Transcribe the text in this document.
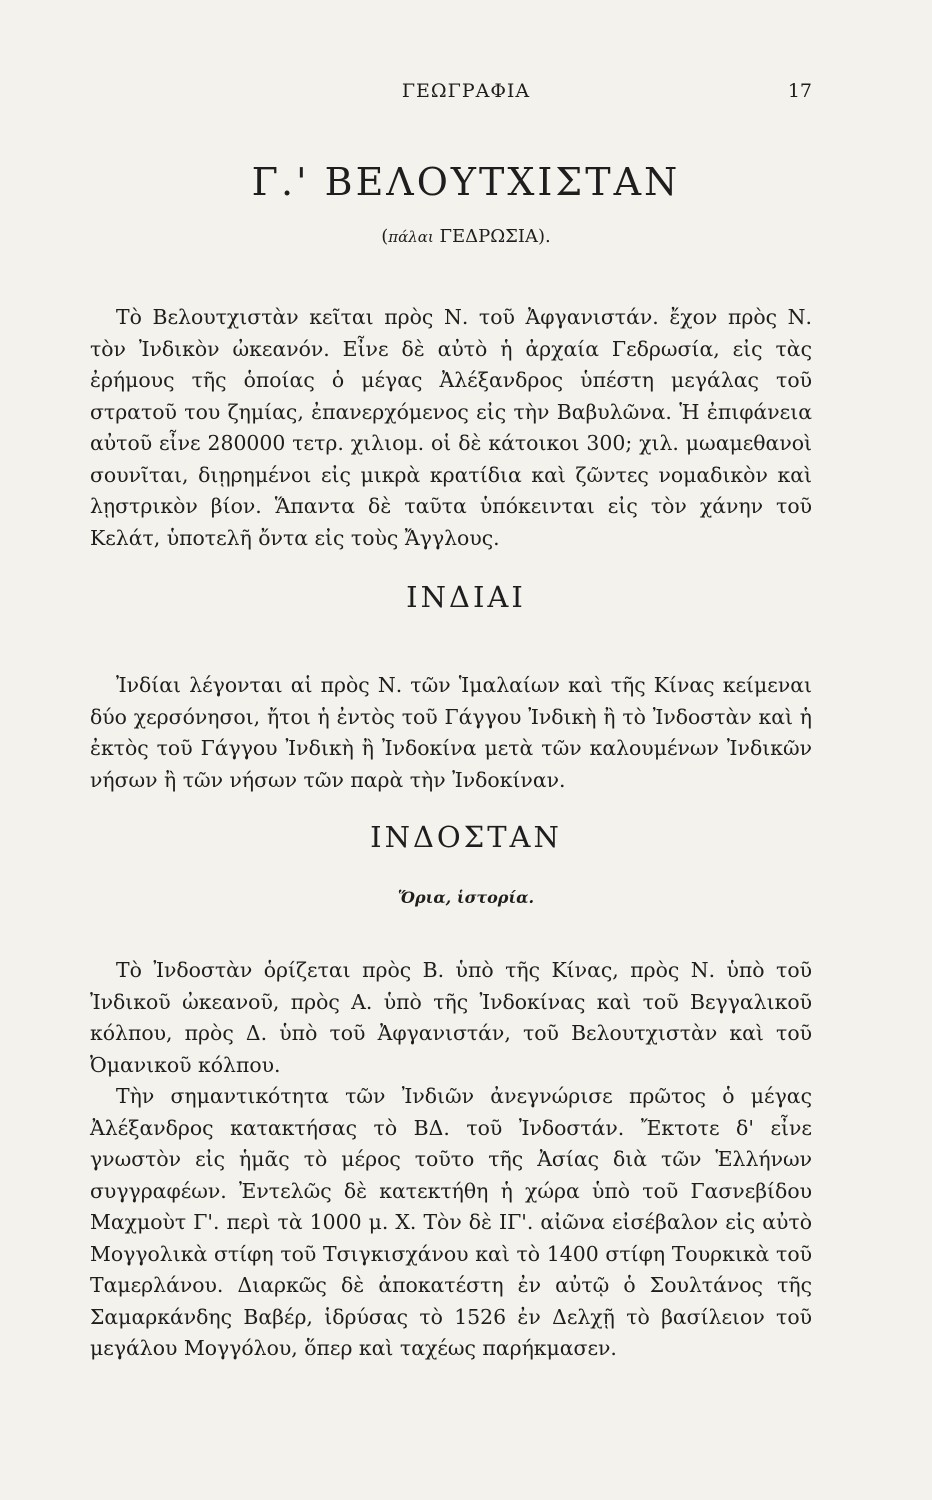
ΓΕΩΓΡΑΦΙΑ	17
Γ.' ΒΕΛΟΥΤΧΙΣΤΑΝ
(πάλαι ΓΕΔΡΩΣΙΑ).

Τὸ Βελουτχιστὰν κεῖται πρὸς Ν. τοῦ Ἀφγανιστάν. ἔχον πρὸς Ν. τὸν Ἰνδικὸν ὠκεανόν. Εἶνε δὲ αὐτὸ ἡ ἀρχαία Γεδρωσία, εἰς τὰς ἐρήμους τῆς ὁποίας ὁ μέγας Ἀλέξανδρος ὑπέστη μεγάλας τοῦ στρατοῦ του ζημίας, ἐπανερχόμενος εἰς τὴν Βαβυλῶνα. Ἡ ἐπιφάνεια αὐτοῦ εἶνε 280000 τετρ. χιλιομ. οἱ δὲ κάτοικοι 300; χιλ. μωαμεθανοὶ σουνῖται, διῃρημένοι εἰς μικρὰ κρατίδια καὶ ζῶντες νομαδικὸν καὶ λῃστρικὸν βίον. Ἅπαντα δὲ ταῦτα ὑπόκεινται εἰς τὸν χάνην τοῦ Κελάτ, ὑποτελῆ ὄντα εἰς τοὺς Ἄγγλους.

ΙΝΔΙΑΙ

Ἰνδίαι λέγονται αἱ πρὸς Ν. τῶν Ἱμαλαίων καὶ τῆς Κίνας κείμεναι δύο χερσόνησοι, ἤτοι ἡ ἐντὸς τοῦ Γάγγου Ἰνδικὴ ἢ τὸ Ἰνδοστὰν καὶ ἡ ἐκτὸς τοῦ Γάγγου Ἰνδικὴ ἢ Ἰνδοκίνα μετὰ τῶν καλουμένων Ἰνδικῶν νήσων ἢ τῶν νήσων τῶν παρὰ τὴν Ἰνδοκίναν.

ΙΝΔΟΣΤΑΝ
Ὅρια, ἱστορία.

Τὸ Ἰνδοστὰν ὁρίζεται πρὸς Β. ὑπὸ τῆς Κίνας, πρὸς Ν. ὑπὸ τοῦ Ἰνδικοῦ ὠκεανοῦ, πρὸς Α. ὑπὸ τῆς Ἰνδοκίνας καὶ τοῦ Βεγγαλικοῦ κόλπου, πρὸς Δ. ὑπὸ τοῦ Ἀφγανιστάν, τοῦ Βελουτχιστὰν καὶ τοῦ Ὀμανικοῦ κόλπου.

Τὴν σημαντικότητα τῶν Ἰνδιῶν ἀνεγνώρισε πρῶτος ὁ μέγας Ἀλέξανδρος κατακτήσας τὸ ΒΔ. τοῦ Ἰνδοστάν. Ἔκτοτε δ' εἶνε γνωστὸν εἰς ἡμᾶς τὸ μέρος τοῦτο τῆς Ἀσίας διὰ τῶν Ἑλλήνων συγγραφέων. Ἐντελῶς δὲ κατεκτήθη ἡ χώρα ὑπὸ τοῦ Γασνεβίδου Μαχμοὺτ Γ'. περὶ τὰ 1000 μ. Χ. Τὸν δὲ ΙΓ'. αἰῶνα εἰσέβαλον εἰς αὐτὸ Μογγολικὰ στίφη τοῦ Τσιγκισχάνου καὶ τὸ 1400 στίφη Τουρκικὰ τοῦ Ταμερλάνου. Διαρκῶς δὲ ἀποκατέστη ἐν αὐτῷ ὁ Σουλτάνος τῆς Σαμαρκάνδης Βαβέρ, ἱδρύσας τὸ 1526 ἐν Δελχῇ τὸ βασίλειον τοῦ μεγάλου Μογγόλου, ὅπερ καὶ ταχέως παρήκμασεν.
